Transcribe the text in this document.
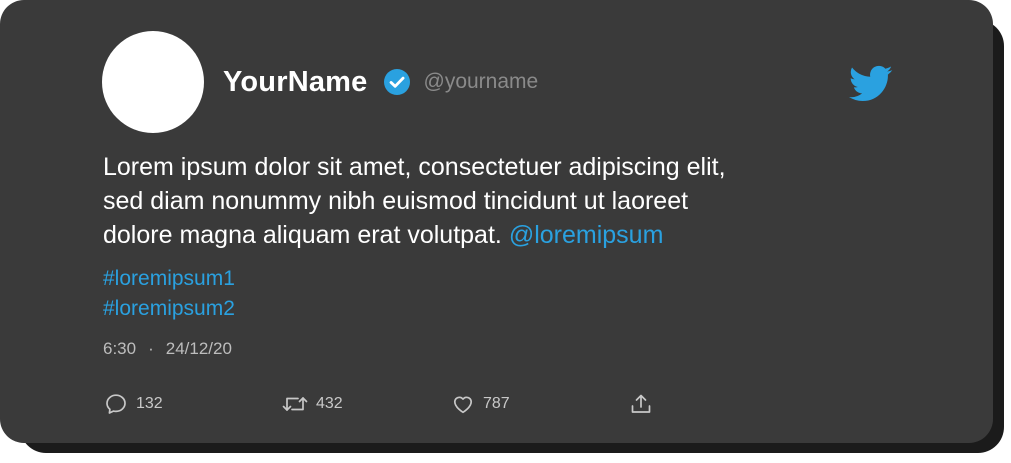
YourName	@yourname

Lorem ipsum dolor sit amet, consectetuer adipiscing elit,
sed diam nonummy nibh euismod tincidunt ut laoreet
dolore magna aliquam erat volutpat. @loremipsum

#loremipsum1
#loremipsum2
6:30 · 24/12/20
132	432	787
